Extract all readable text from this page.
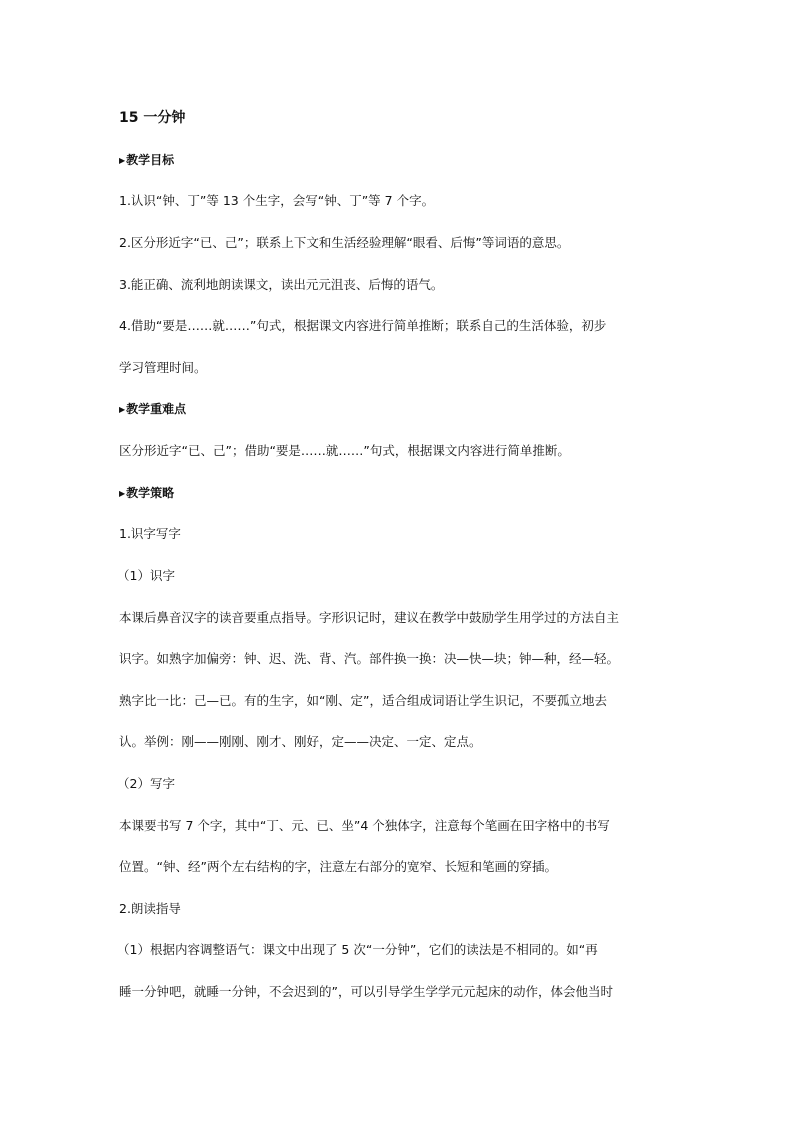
15 一分钟
▶教学目标
1.认识“钟、丁”等 13 个生字，会写“钟、丁”等 7 个字。
2.区分形近字“已、己”；联系上下文和生活经验理解“眼看、后悔”等词语的意思。
3.能正确、流利地朗读课文，读出元元沮丧、后悔的语气。
4.借助“要是……就……”句式，根据课文内容进行简单推断；联系自己的生活体验，初步
学习管理时间。
▶教学重难点
区分形近字“已、己”；借助“要是……就……”句式，根据课文内容进行简单推断。
▶教学策略
1.识字写字
（1）识字
本课后鼻音汉字的读音要重点指导。字形识记时，建议在教学中鼓励学生用学过的方法自主
识字。如熟字加偏旁：钟、迟、洗、背、汽。部件换一换：决—快—块；钟—种，经—轻。
熟字比一比：己—已。有的生字，如“刚、定”，适合组成词语让学生识记，不要孤立地去
认。举例：刚——刚刚、刚才、刚好，定——决定、一定、定点。
（2）写字
本课要书写 7 个字，其中“丁、元、已、坐”4 个独体字，注意每个笔画在田字格中的书写
位置。“钟、经”两个左右结构的字，注意左右部分的宽窄、长短和笔画的穿插。
2.朗读指导
（1）根据内容调整语气：课文中出现了 5 次“一分钟”，它们的读法是不相同的。如“再
睡一分钟吧，就睡一分钟，不会迟到的”，可以引导学生学学元元起床的动作，体会他当时
